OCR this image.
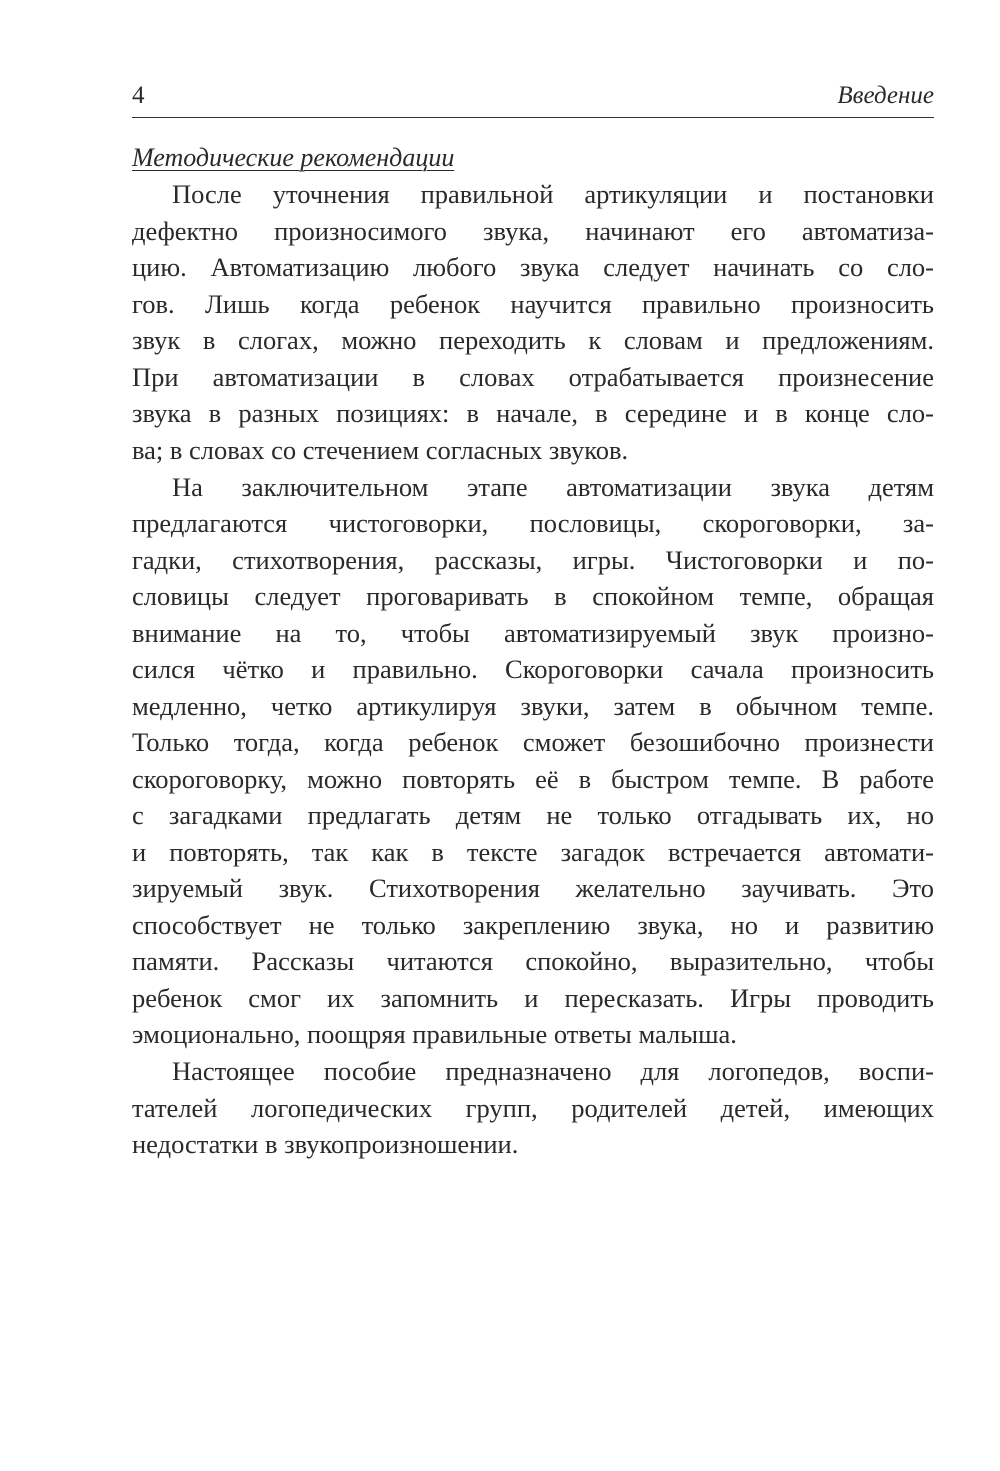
4	Введение

Методические рекомендации

После уточнения правильной артикуляции и постановки
дефектно произносимого звука, начинают его автоматиза-
цию. Автоматизацию любого звука следует начинать со сло-
гов. Лишь когда ребенок научится правильно произносить
звук в слогах, можно переходить к словам и предложениям.
При автоматизации в словах отрабатывается произнесение
звука в разных позициях: в начале, в середине и в конце сло-
ва; в словах со стечением согласных звуков.
На заключительном этапе автоматизации звука детям
предлагаются чистоговорки, пословицы, скороговорки, за-
гадки, стихотворения, рассказы, игры. Чистоговорки и по-
словицы следует проговаривать в спокойном темпе, обращая
внимание на то, чтобы автоматизируемый звук произно-
сился чётко и правильно. Скороговорки сачала произносить
медленно, четко артикулируя звуки, затем в обычном темпе.
Только тогда, когда ребенок сможет безошибочно произнести
скороговорку, можно повторять её в быстром темпе. В работе
с загадками предлагать детям не только отгадывать их, но
и повторять, так как в тексте загадок встречается автомати-
зируемый звук. Стихотворения желательно заучивать. Это
способствует не только закреплению звука, но и развитию
памяти. Рассказы читаются спокойно, выразительно, чтобы
ребенок смог их запомнить и пересказать. Игры проводить
эмоционально, поощряя правильные ответы малыша.
Настоящее пособие предназначено для логопедов, воспи-
тателей логопедических групп, родителей детей, имеющих
недостатки в звукопроизношении.
